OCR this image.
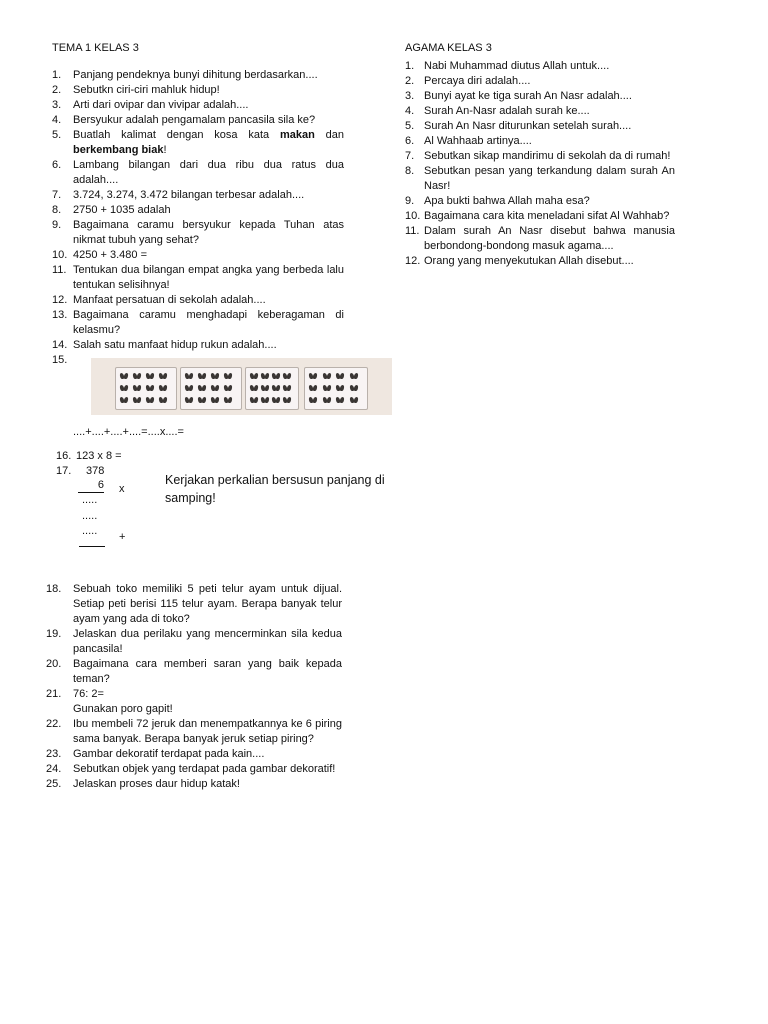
TEMA 1 KELAS 3
1. Panjang pendeknya bunyi dihitung berdasarkan....
2. Sebutkn ciri-ciri mahluk hidup!
3. Arti dari ovipar dan vivipar adalah....
4. Bersyukur adalah pengamalam pancasila sila ke?
5. Buatlah kalimat dengan kosa kata makan dan berkembang biak!
6. Lambang bilangan dari dua ribu dua ratus dua adalah....
7. 3.724, 3.274, 3.472 bilangan terbesar adalah....
8. 2750 + 1035 adalah
9. Bagaimana caramu bersyukur kepada Tuhan atas nikmat tubuh yang sehat?
10. 4250 + 3.480 =
11. Tentukan dua bilangan empat angka yang berbeda lalu tentukan selisihnya!
12. Manfaat persatuan di sekolah adalah....
13. Bagaimana caramu menghadapi keberagaman di kelasmu?
14. Salah satu manfaat hidup rukun adalah....
15.
....+....+....+....=....x....=
16. 123 x 8 =
17. 378
6 x
.....
.....
..... +
Kerjakan perkalian bersusun panjang di samping!
18. Sebuah toko memiliki 5 peti telur ayam untuk dijual. Setiap peti berisi 115 telur ayam. Berapa banyak telur ayam yang ada di toko?
19. Jelaskan dua perilaku yang mencerminkan sila kedua pancasila!
20. Bagaimana cara memberi saran yang baik kepada teman?
21. 76: 2=
Gunakan poro gapit!
22. Ibu membeli 72 jeruk dan menempatkannya ke 6 piring sama banyak. Berapa banyak jeruk setiap piring?
23. Gambar dekoratif terdapat pada kain....
24. Sebutkan objek yang terdapat pada gambar dekoratif!
25. Jelaskan proses daur hidup katak!
AGAMA KELAS 3
1. Nabi Muhammad diutus Allah untuk....
2. Percaya diri adalah....
3. Bunyi ayat ke tiga surah An Nasr adalah....
4. Surah An-Nasr adalah surah ke....
5. Surah An Nasr diturunkan setelah surah....
6. Al Wahhaab artinya....
7. Sebutkan sikap mandirimu di sekolah da di rumah!
8. Sebutkan pesan yang terkandung dalam surah An Nasr!
9. Apa bukti bahwa Allah maha esa?
10. Bagaimana cara kita meneladani sifat Al Wahhab?
11. Dalam surah An Nasr disebut bahwa manusia berbondong-bondong masuk agama....
12. Orang yang menyekutukan Allah disebut....
